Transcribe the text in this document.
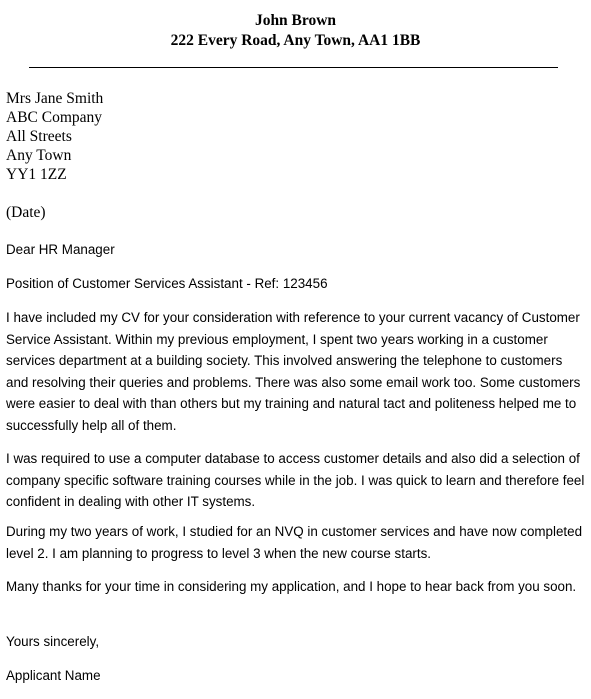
John Brown
222 Every Road, Any Town, AA1 1BB
Mrs Jane Smith
ABC Company
All Streets
Any Town
YY1 1ZZ
(Date)

Dear HR Manager

Position of Customer Services Assistant - Ref: 123456

I have included my CV for your consideration with reference to your current vacancy of Customer Service Assistant. Within my previous employment, I spent two years working in a customer services department at a building society. This involved answering the telephone to customers and resolving their queries and problems. There was also some email work too. Some customers were easier to deal with than others but my training and natural tact and politeness helped me to successfully help all of them.

I was required to use a computer database to access customer details and also did a selection of company specific software training courses while in the job. I was quick to learn and therefore feel confident in dealing with other IT systems.

During my two years of work, I studied for an NVQ in customer services and have now completed level 2. I am planning to progress to level 3 when the new course starts.

Many thanks for your time in considering my application, and I hope to hear back from you soon.

Yours sincerely,

Applicant Name
